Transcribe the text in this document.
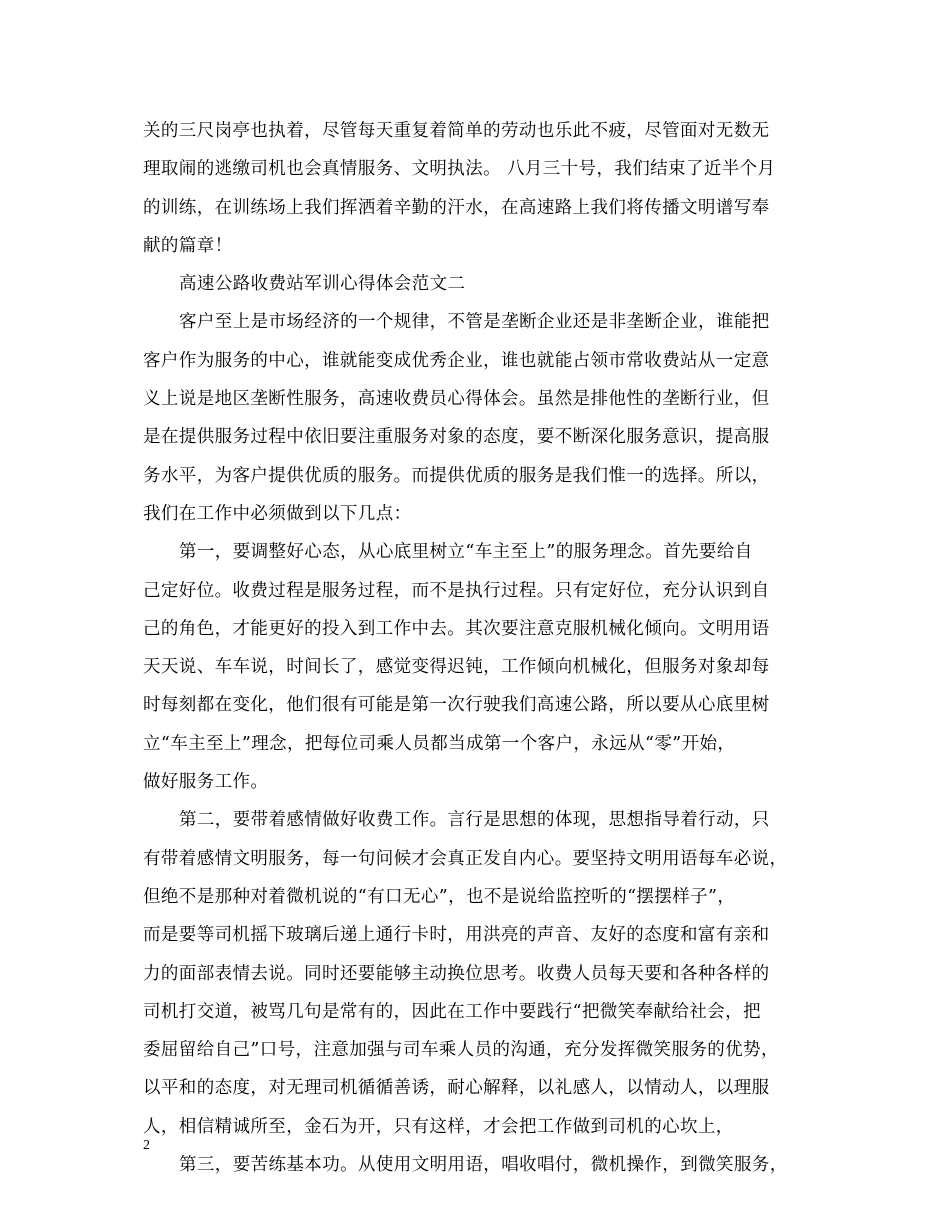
关的三尺岗亭也执着，尽管每天重复着简单的劳动也乐此不疲，尽管面对无数无
理取闹的逃缴司机也会真情服务、文明执法。 八月三十号，我们结束了近半个月
的训练，在训练场上我们挥洒着辛勤的汗水，在高速路上我们将传播文明谱写奉
献的篇章！
高速公路收费站军训心得体会范文二
客户至上是市场经济的一个规律，不管是垄断企业还是非垄断企业，谁能把
客户作为服务的中心，谁就能变成优秀企业，谁也就能占领市常收费站从一定意
义上说是地区垄断性服务，高速收费员心得体会。虽然是排他性的垄断行业，但
是在提供服务过程中依旧要注重服务对象的态度，要不断深化服务意识，提高服
务水平，为客户提供优质的服务。而提供优质的服务是我们惟一的选择。所以，
我们在工作中必须做到以下几点：
第一，要调整好心态，从心底里树立“车主至上”的服务理念。首先要给自
己定好位。收费过程是服务过程，而不是执行过程。只有定好位，充分认识到自
己的角色，才能更好的投入到工作中去。其次要注意克服机械化倾向。文明用语
天天说、车车说，时间长了，感觉变得迟钝，工作倾向机械化，但服务对象却每
时每刻都在变化，他们很有可能是第一次行驶我们高速公路，所以要从心底里树
立“车主至上”理念，把每位司乘人员都当成第一个客户，永远从“零”开始，
做好服务工作。
第二，要带着感情做好收费工作。言行是思想的体现，思想指导着行动，只
有带着感情文明服务，每一句问候才会真正发自内心。要坚持文明用语每车必说，
但绝不是那种对着微机说的“有口无心”，也不是说给监控听的“摆摆样子”，
而是要等司机摇下玻璃后递上通行卡时，用洪亮的声音、友好的态度和富有亲和
力的面部表情去说。同时还要能够主动换位思考。收费人员每天要和各种各样的
司机打交道，被骂几句是常有的，因此在工作中要践行“把微笑奉献给社会，把
委屈留给自己”口号，注意加强与司车乘人员的沟通，充分发挥微笑服务的优势，
以平和的态度，对无理司机循循善诱，耐心解释，以礼感人，以情动人，以理服
人，相信精诚所至，金石为开，只有这样，才会把工作做到司机的心坎上，
第三，要苦练基本功。从使用文明用语，唱收唱付，微机操作，到微笑服务，
2
